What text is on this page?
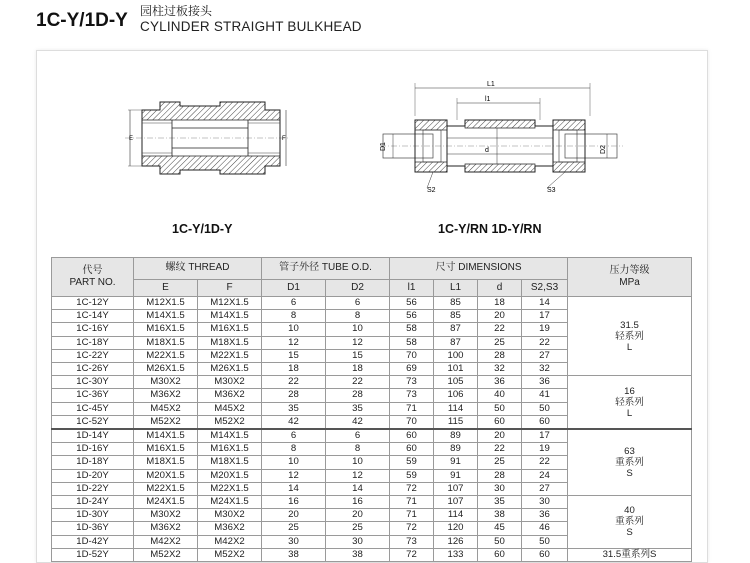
1C-Y/1D-Y 园柱过板接头
CYLINDER STRAIGHT BULKHEAD
E	F
1C-Y/1D-Y
L1
l1
d
D1	D2
S2	S3
1C-Y/RN 1D-Y/RN
代号
PART NO.	螺纹 THREAD		管子外径 TUBE O.D.		尺寸 DIMENSIONS				压力等级
MPa

	E	F	D1	D2	l1	L1	d	S2,S3	
1C-12Y	M12X1.5	M12X1.5	6	6	56	85	18	14	31.5
轻系列
L

1C-14Y	M14X1.5	M14X1.5	8	8	56	85	20	17	
1C-16Y	M16X1.5	M16X1.5	10	10	58	87	22	19	
1C-18Y	M18X1.5	M18X1.5	12	12	58	87	25	22	
1C-22Y	M22X1.5	M22X1.5	15	15	70	100	28	27	
1C-26Y	M26X1.5	M26X1.5	18	18	69	101	32	32	
1C-30Y	M30X2	M30X2	22	22	73	105	36	36	16
轻系列
L

1C-36Y	M36X2	M36X2	28	28	73	106	40	41	
1C-45Y	M45X2	M45X2	35	35	71	114	50	50	
1C-52Y	M52X2	M52X2	42	42	70	115	60	60	
1D-14Y	M14X1.5	M14X1.5	6	6	60	89	20	17	63
重系列
S

1D-16Y	M16X1.5	M16X1.5	8	8	60	89	22	19	
1D-18Y	M18X1.5	M18X1.5	10	10	59	91	25	22	
1D-20Y	M20X1.5	M20X1.5	12	12	59	91	28	24	
1D-22Y	M22X1.5	M22X1.5	14	14	72	107	30	27	
1D-24Y	M24X1.5	M24X1.5	16	16	71	107	35	30	40
重系列
S

1D-30Y	M30X2	M30X2	20	20	71	114	38	36	
1D-36Y	M36X2	M36X2	25	25	72	120	45	46	
1D-42Y	M42X2	M42X2	30	30	73	126	50	50	
1D-52Y	M52X2	M52X2	38	38	72	133	60	60	31.5重系列S
